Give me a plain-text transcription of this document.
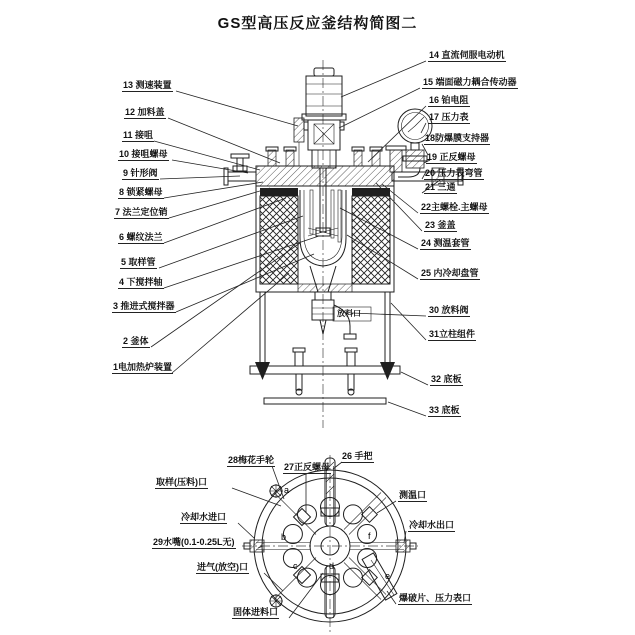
GS型高压反应釜结构简图二
a
b
c	d
e
f
13 测速装置
12 加料盖
11 接咀
10 接咀螺母
9 针形阀
8 锁紧螺母
7 法兰定位销
6 螺纹法兰
5 取样管
4 下搅拌轴
3 推进式搅拌器
2 釜体
1电加热炉装置
14 直流伺服电动机
15 端面磁力耦合传动器
16 铂电阻
17 压力表
18防爆膜支持器
19 正反螺母
20 压力表弯管
21 三通
22主螺栓.主螺母
23 釜盖
24 测温套管
25 内冷却盘管
30 放料阀
31立柱组件
32 底板
33 底板
放料口
28梅花手轮
27正反螺母
26 手把
取样(压料)口
冷却水进口
29水嘴(0.1-0.25L无)
进气(放空)口
测温口
冷却水出口
爆破片、压力表口
固体进料口
